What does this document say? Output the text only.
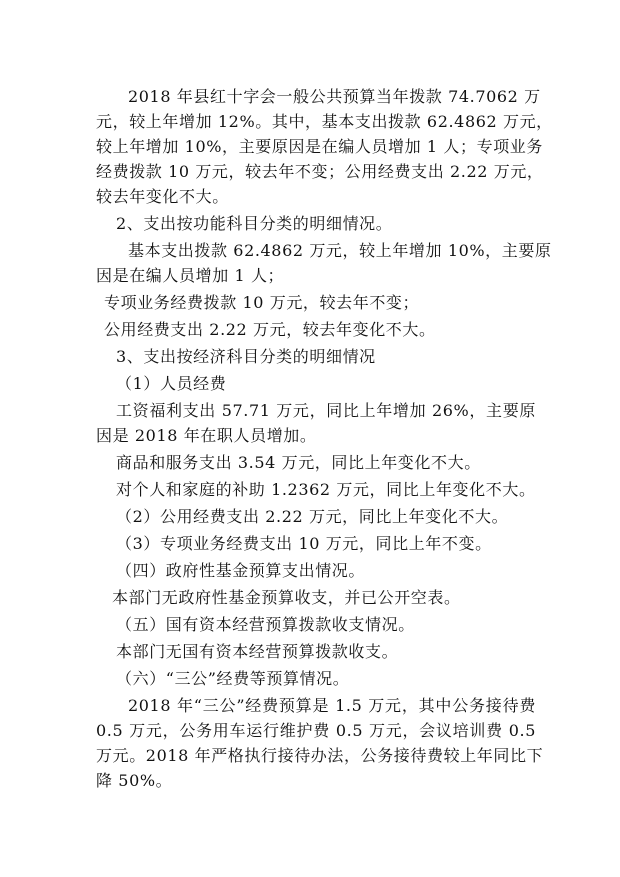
2018 年县红十字会一般公共预算当年拨款 74.7062 万

元，较上年增加 12%。其中，基本支出拨款 62.4862 万元，

较上年增加 10%，主要原因是在编人员增加 1 人；专项业务

经费拨款 10 万元，较去年不变；公用经费支出 2.22 万元，

较去年变化不大。

2、支出按功能科目分类的明细情况。

基本支出拨款 62.4862 万元，较上年增加 10%，主要原

因是在编人员增加 1 人；

专项业务经费拨款 10 万元，较去年不变；

公用经费支出 2.22 万元，较去年变化不大。

3、支出按经济科目分类的明细情况

（1）人员经费

工资福利支出 57.71 万元，同比上年增加 26%，主要原

因是 2018 年在职人员增加。

商品和服务支出 3.54 万元，同比上年变化不大。

对个人和家庭的补助 1.2362 万元，同比上年变化不大。

（2）公用经费支出 2.22 万元，同比上年变化不大。

（3）专项业务经费支出 10 万元，同比上年不变。

（四）政府性基金预算支出情况。

本部门无政府性基金预算收支，并已公开空表。

（五）国有资本经营预算拨款收支情况。

本部门无国有资本经营预算拨款收支。

（六）“三公”经费等预算情况。

2018 年“三公”经费预算是 1.5 万元，其中公务接待费

0.5 万元，公务用车运行维护费 0.5 万元，会议培训费 0.5

万元。2018 年严格执行接待办法，公务接待费较上年同比下

降 50%。
